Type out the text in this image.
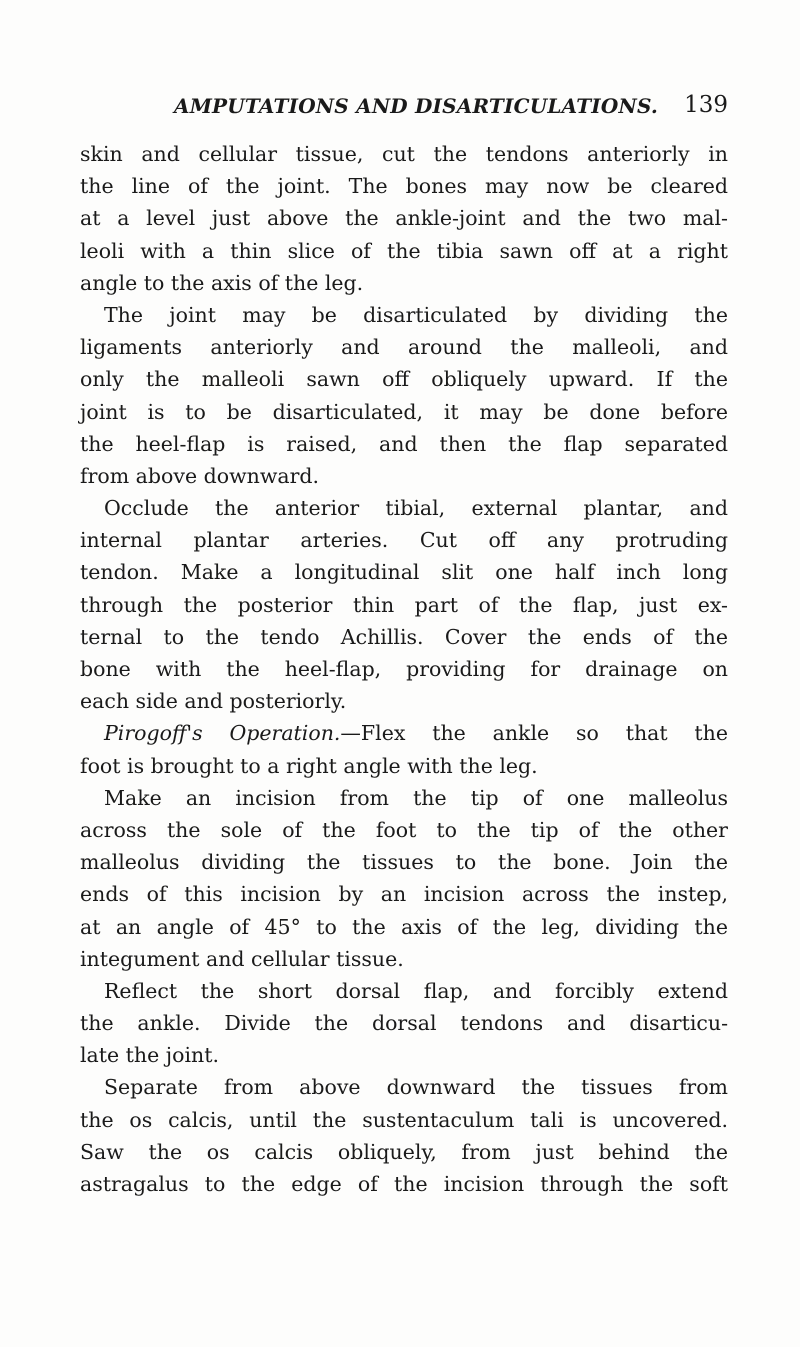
AMPUTATIONS AND DISARTICULATIONS. 139
skin and cellular tissue, cut the tendons anteriorly in
the line of the joint. The bones may now be cleared
at a level just above the ankle-joint and the two mal-
leoli with a thin slice of the tibia sawn off at a right
angle to the axis of the leg.
The joint may be disarticulated by dividing the
ligaments anteriorly and around the malleoli, and
only the malleoli sawn off obliquely upward. If the
joint is to be disarticulated, it may be done before
the heel-flap is raised, and then the flap separated
from above downward.
Occlude the anterior tibial, external plantar, and
internal plantar arteries. Cut off any protruding
tendon. Make a longitudinal slit one half inch long
through the posterior thin part of the flap, just ex-
ternal to the tendo Achillis. Cover the ends of the
bone with the heel-flap, providing for drainage on
each side and posteriorly.
Pirogoff's Operation.—Flex the ankle so that the
foot is brought to a right angle with the leg.
Make an incision from the tip of one malleolus
across the sole of the foot to the tip of the other
malleolus dividing the tissues to the bone. Join the
ends of this incision by an incision across the instep,
at an angle of 45° to the axis of the leg, dividing the
integument and cellular tissue.
Reflect the short dorsal flap, and forcibly extend
the ankle. Divide the dorsal tendons and disarticu-
late the joint.
Separate from above downward the tissues from
the os calcis, until the sustentaculum tali is uncovered.
Saw the os calcis obliquely, from just behind the
astragalus to the edge of the incision through the soft
